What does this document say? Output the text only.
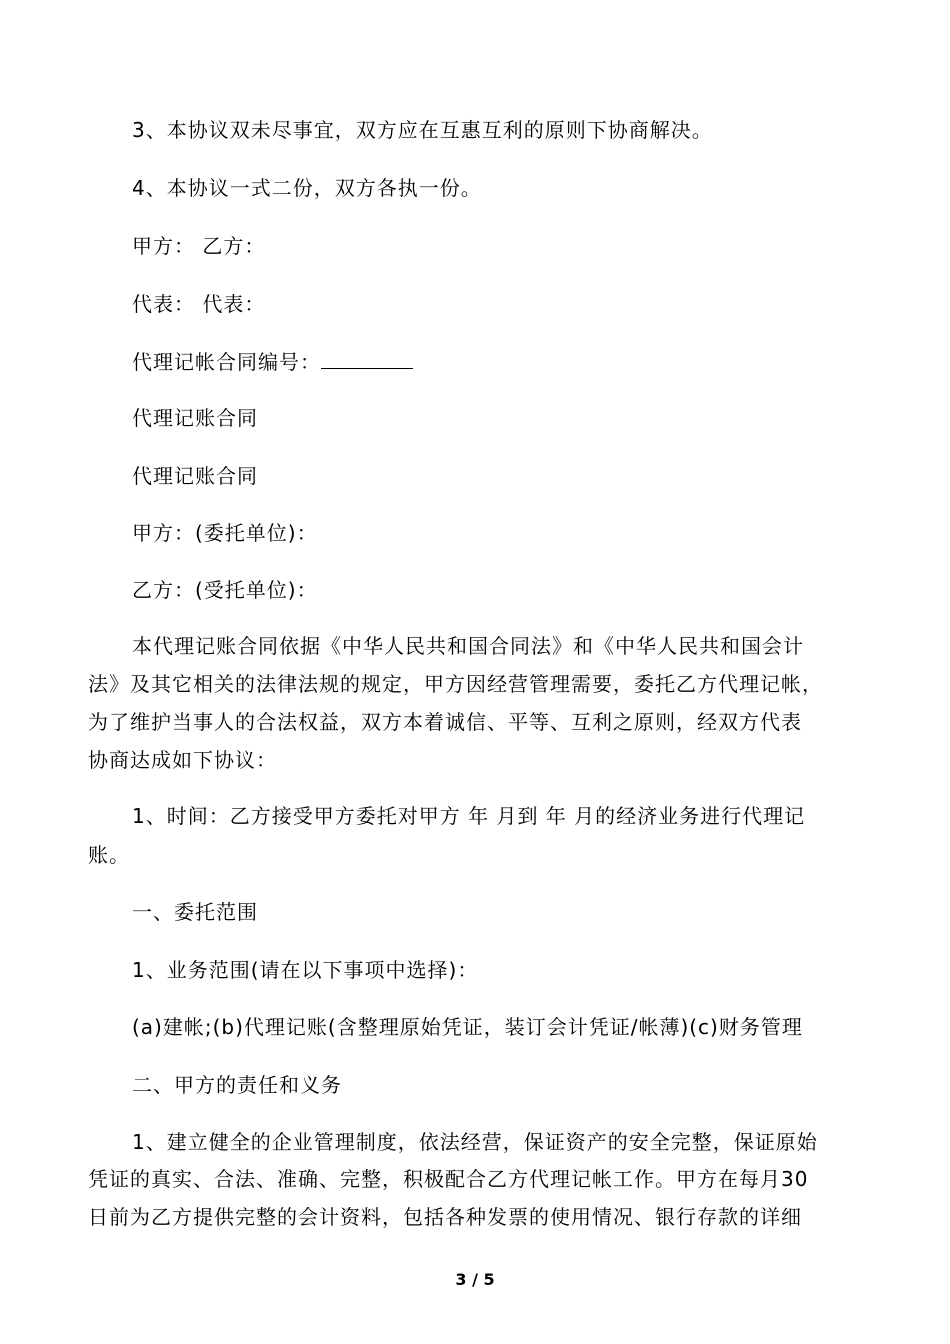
3、本协议双未尽事宜，双方应在互惠互利的原则下协商解决。
4、本协议一式二份，双方各执一份。
甲方： 乙方：
代表： 代表：
代理记帐合同编号：
代理记账合同
代理记账合同
甲方：(委托单位)：
乙方：(受托单位)：
本代理记账合同依据《中华人民共和国合同法》和《中华人民共和国会计
法》及其它相关的法律法规的规定，甲方因经营管理需要，委托乙方代理记帐，
为了维护当事人的合法权益，双方本着诚信、平等、互利之原则，经双方代表
协商达成如下协议：
1、时间：乙方接受甲方委托对甲方 年 月到 年 月的经济业务进行代理记
账。
一、委托范围
1、业务范围(请在以下事项中选择)：
(a)建帐;(b)代理记账(含整理原始凭证，装订会计凭证/帐薄)(c)财务管理
二、甲方的责任和义务
1、建立健全的企业管理制度，依法经营，保证资产的安全完整，保证原始
凭证的真实、合法、准确、完整，积极配合乙方代理记帐工作。甲方在每月30
日前为乙方提供完整的会计资料，包括各种发票的使用情况、银行存款的详细
3 / 5
